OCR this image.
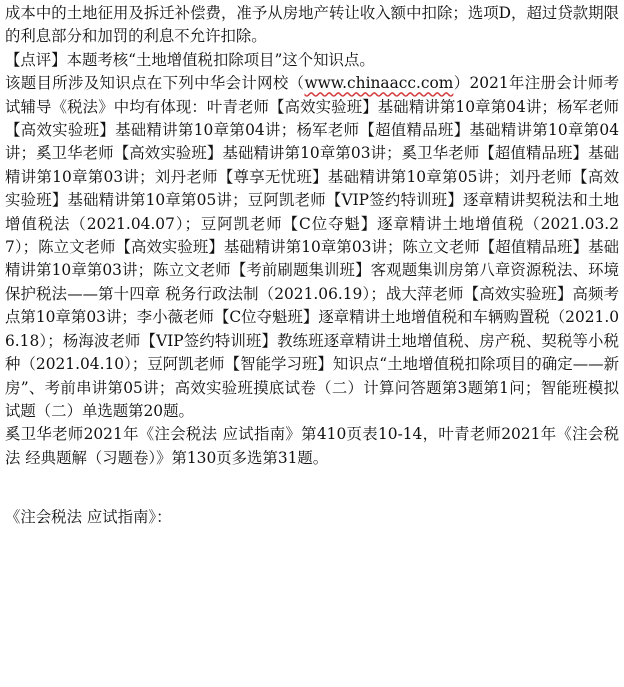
成本中的土地征用及拆迁补偿费，准予从房地产转让收入额中扣除；选项D，超过贷款期限的利息部分和加罚的利息不允许扣除。

【点评】本题考核“土地增值税扣除项目”这个知识点。

该题目所涉及知识点在下列中华会计网校（www.chinaacc.com）2021年注册会计师考试辅导《税法》中均有体现：叶青老师【高效实验班】基础精讲第10章第04讲；杨军老师【高效实验班】基础精讲第10章第04讲；杨军老师【超值精品班】基础精讲第10章第04讲；奚卫华老师【高效实验班】基础精讲第10章第03讲；奚卫华老师【超值精品班】基础精讲第10章第03讲；刘丹老师【尊享无忧班】基础精讲第10章第05讲；刘丹老师【高效实验班】基础精讲第10章第05讲；豆阿凯老师【VIP签约特训班】逐章精讲契税法和土地增值税法（2021.04.07）；豆阿凯老师【C位夺魁】逐章精讲土地增值税（2021.03.27）；陈立文老师【高效实验班】基础精讲第10章第03讲；陈立文老师【超值精品班】基础精讲第10章第03讲；陈立文老师【考前刷题集训班】客观题集训房第八章资源税法、环境保护税法——第十四章 税务行政法制（2021.06.19）；战大萍老师【高效实验班】高频考点第10章第03讲；李小薇老师【C位夺魁班】逐章精讲土地增值税和车辆购置税（2021.06.18）；杨海波老师【VIP签约特训班】教练班逐章精讲土地增值税、房产税、契税等小税种（2021.04.10）；豆阿凯老师【智能学习班】知识点“土地增值税扣除项目的确定——新房”、考前串讲第05讲；高效实验班摸底试卷（二）计算问答题第3题第1问；智能班模拟试题（二）单选题第20题。

奚卫华老师2021年《注会税法 应试指南》第410页表10-14，叶青老师2021年《注会税法 经典题解（习题卷）》第130页多选第31题。

《注会税法 应试指南》：
